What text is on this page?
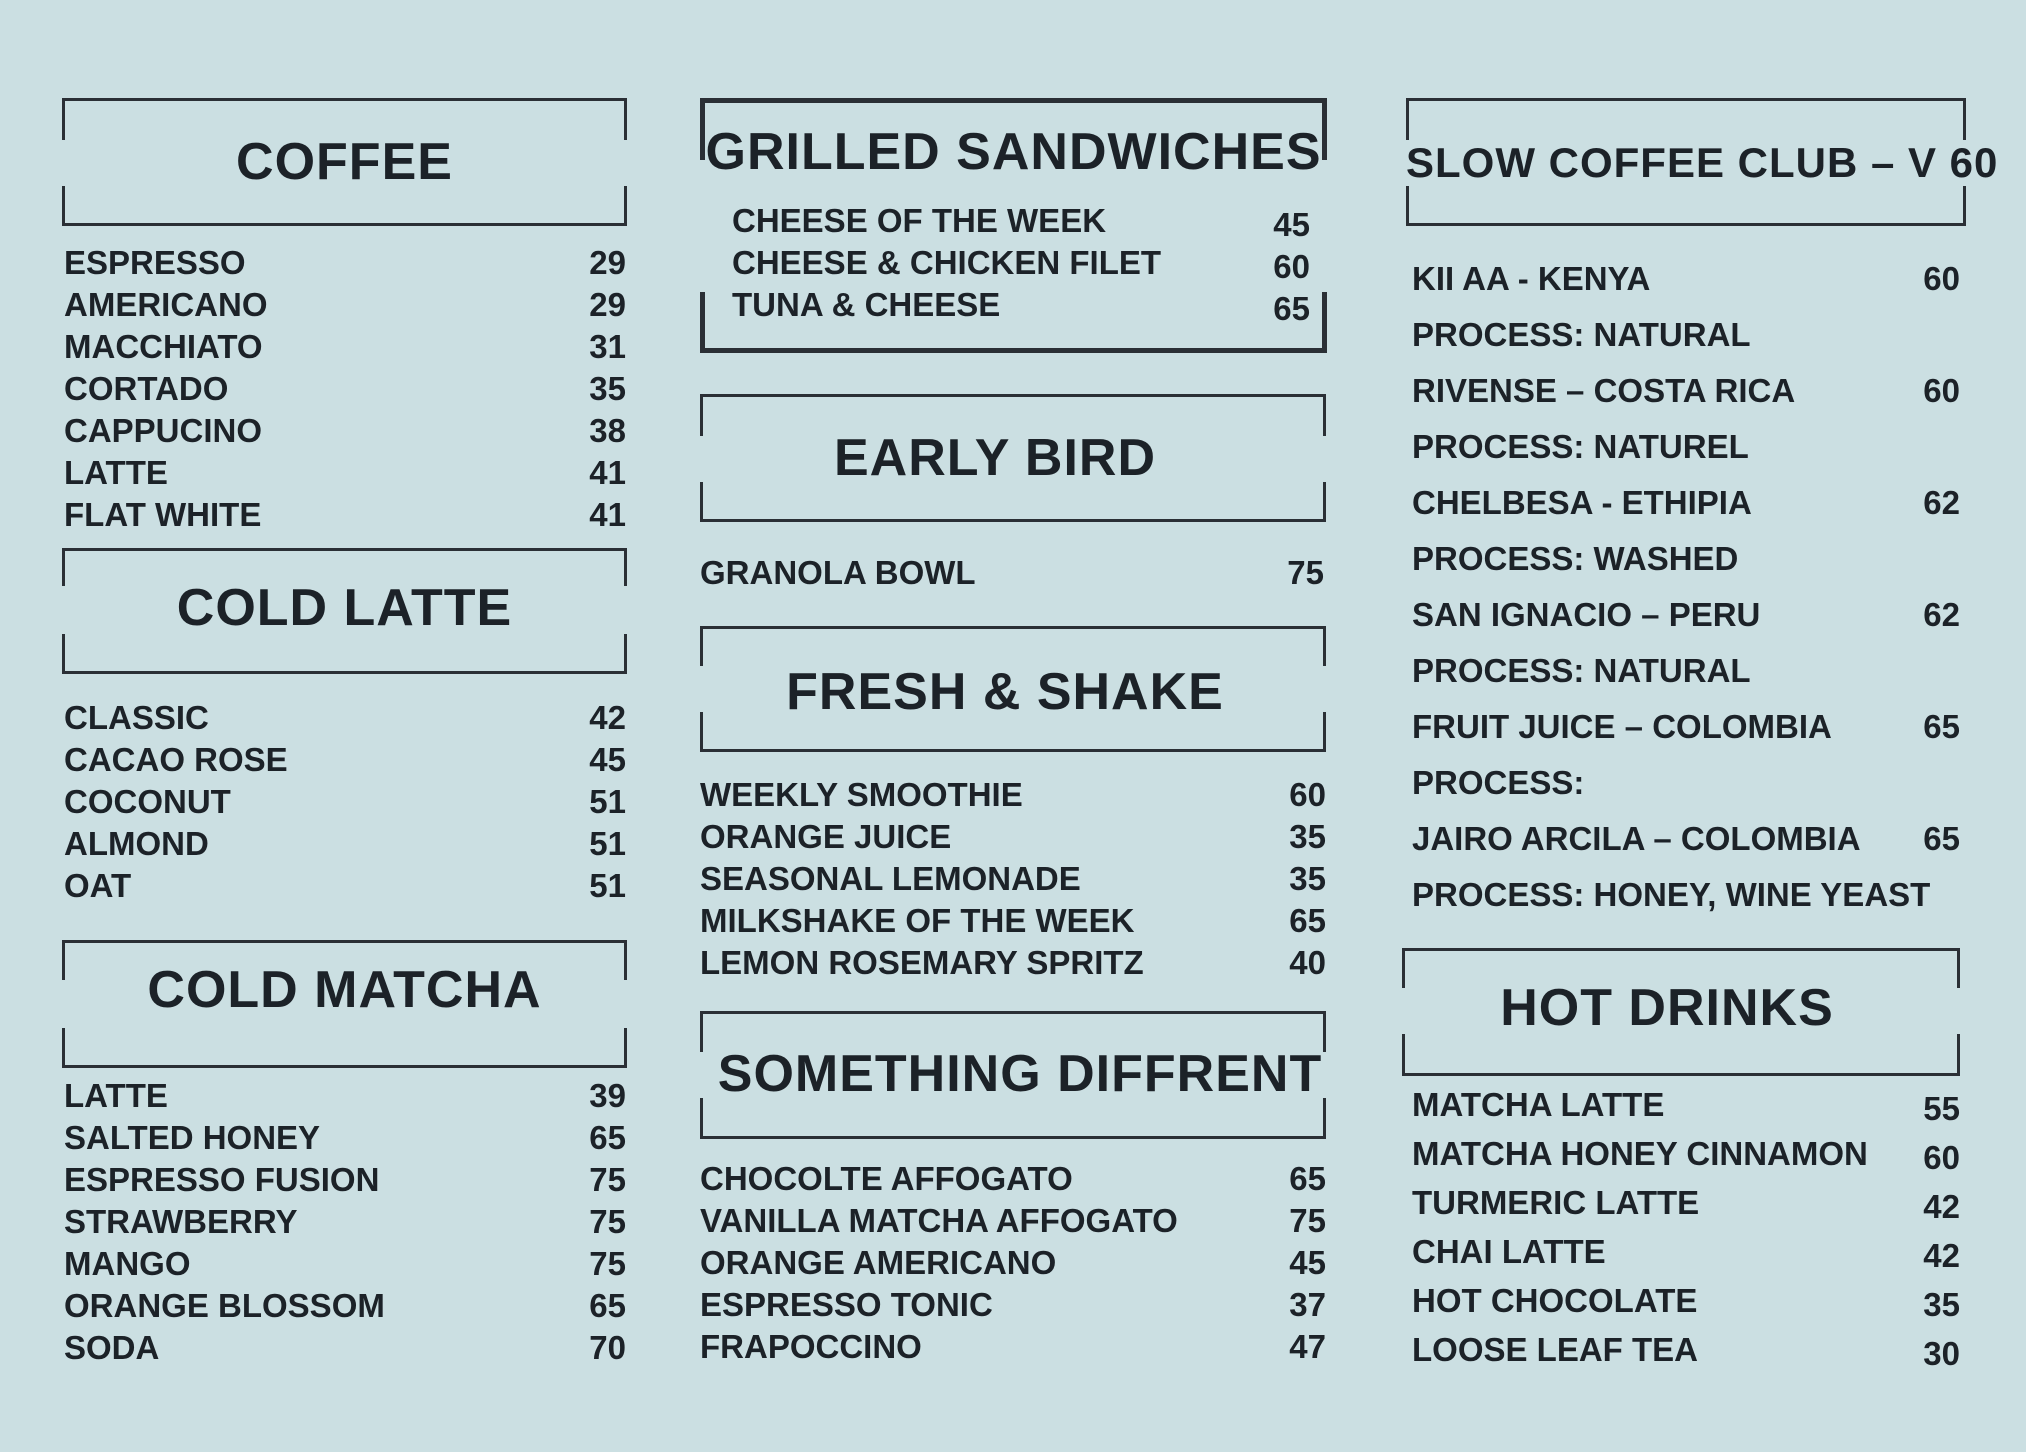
COFFEE
ESPRESSO	29
AMERICANO	29
MACCHIATO	31
CORTADO	35
CAPPUCINO	38
LATTE	41
FLAT WHITE	41
COLD LATTE
CLASSIC	42
CACAO ROSE	45
COCONUT	51
ALMOND	51
OAT	51
COLD MATCHA
LATTE	39
SALTED HONEY	65
ESPRESSO FUSION	75
STRAWBERRY	75
MANGO	75
ORANGE BLOSSOM	65
SODA	70
GRILLED SANDWICHES
CHEESE OF THE WEEK	45
CHEESE & CHICKEN FILET	60
TUNA & CHEESE	65
EARLY BIRD
GRANOLA BOWL	75
FRESH & SHAKE
WEEKLY SMOOTHIE	60
ORANGE JUICE	35
SEASONAL LEMONADE	35
MILKSHAKE OF THE WEEK	65
LEMON ROSEMARY SPRITZ	40
SOMETHING DIFFRENT
CHOCOLTE AFFOGATO	65
VANILLA MATCHA AFFOGATO	75
ORANGE AMERICANO	45
ESPRESSO TONIC	37
FRAPOCCINO	47
SLOW COFFEE CLUB – V 60
KII AA - KENYA	60
PROCESS: NATURAL
RIVENSE – COSTA RICA	60
PROCESS: NATUREL
CHELBESA - ETHIPIA	62
PROCESS: WASHED
SAN IGNACIO – PERU	62
PROCESS: NATURAL
FRUIT JUICE – COLOMBIA	65
PROCESS:
JAIRO ARCILA – COLOMBIA 65
PROCESS: HONEY, WINE YEAST
HOT DRINKS
MATCHA LATTE	55
MATCHA HONEY CINNAMON 60
TURMERIC LATTE	42
CHAI LATTE	42
HOT CHOCOLATE	35
LOOSE LEAF TEA	30
